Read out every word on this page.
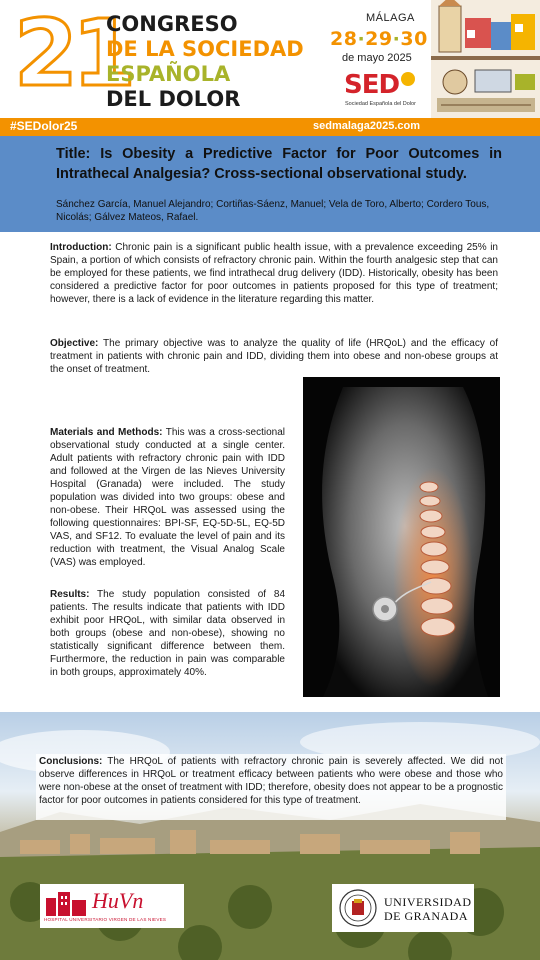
21
CONGRESO
DE LA SOCIEDAD
ESPAÑOLA
DEL DOLOR
MÁLAGA
28·29·30
de mayo 2025
SED
Sociedad Española del Dolor
#SEDolor25	sedmalaga2025.com
Title: Is Obesity a Predictive Factor for Poor Outcomes in Intrathecal Analgesia? Cross-sectional observational study.
Sánchez García, Manuel Alejandro; Cortiñas-Sáenz, Manuel; Vela de Toro, Alberto; Cordero Tous, Nicolás; Gálvez Mateos, Rafael.
Introduction: Chronic pain is a significant public health issue, with a prevalence exceeding 25% in Spain, a portion of which consists of refractory chronic pain. Within the fourth analgesic step that can be employed for these patients, we find intrathecal drug delivery (IDD). Historically, obesity has been considered a predictive factor for poor outcomes in patients proposed for this type of treatment; however, there is a lack of evidence in the literature regarding this matter.
Objective: The primary objective was to analyze the quality of life (HRQoL) and the efficacy of treatment in patients with chronic pain and IDD, dividing them into obese and non-obese groups at the onset of treatment.
Materials and Methods: This was a cross-sectional observational study conducted at a single center. Adult patients with refractory chronic pain with IDD and followed at the Virgen de las Nieves University Hospital (Granada) were included. The study population was divided into two groups: obese and non-obese. Their HRQoL was assessed using the following questionnaires: BPI-SF, EQ-5D-5L, EQ-5D VAS, and SF12. To evaluate the level of pain and its reduction with treatment, the Visual Analog Scale (VAS) was employed.
Results: The study population consisted of 84 patients. The results indicate that patients with IDD exhibit poor HRQoL, with similar data observed in both groups (obese and non-obese), showing no statistically significant difference between them. Furthermore, the reduction in pain was comparable in both groups, approximately 40%.
Conclusions: The HRQoL of patients with refractory chronic pain is severely affected. We did not observe differences in HRQoL or treatment efficacy between patients who were obese and those who were non-obese at the onset of treatment with IDD; therefore, obesity does not appear to be a prognostic factor for poor outcomes in patients considered for this type of treatment.
HuVn
HOSPITAL UNIVERSITARIO VIRGEN DE LAS NIEVES
UNIVERSIDAD
DE GRANADA
